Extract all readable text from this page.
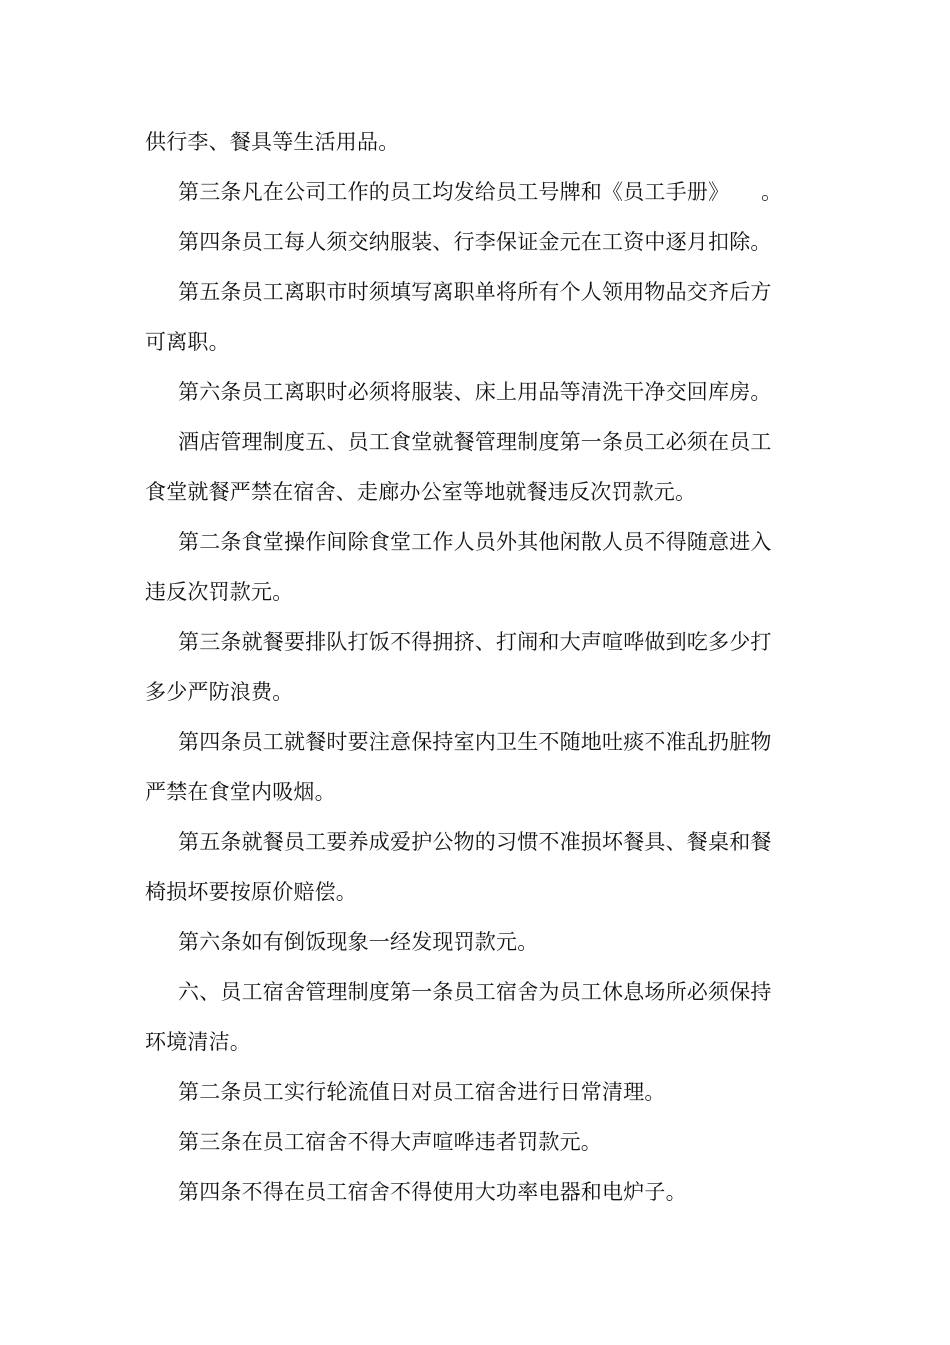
供行李、餐具等生活用品。
第三条凡在公司工作的员工均发给员工号牌和《员工手册》　　。
第四条员工每人须交纳服装、行李保证金元在工资中逐月扣除。
第五条员工离职市时须填写离职单将所有个人领用物品交齐后方
可离职。
第六条员工离职时必须将服装、床上用品等清洗干净交回库房。
酒店管理制度五、员工食堂就餐管理制度第一条员工必须在员工
食堂就餐严禁在宿舍、走廊办公室等地就餐违反次罚款元。
第二条食堂操作间除食堂工作人员外其他闲散人员不得随意进入
违反次罚款元。
第三条就餐要排队打饭不得拥挤、打闹和大声喧哗做到吃多少打
多少严防浪费。
第四条员工就餐时要注意保持室内卫生不随地吐痰不准乱扔脏物
严禁在食堂内吸烟。
第五条就餐员工要养成爱护公物的习惯不准损坏餐具、餐桌和餐
椅损坏要按原价赔偿。
第六条如有倒饭现象一经发现罚款元。
六、员工宿舍管理制度第一条员工宿舍为员工休息场所必须保持
环境清洁。
第二条员工实行轮流值日对员工宿舍进行日常清理。
第三条在员工宿舍不得大声喧哗违者罚款元。
第四条不得在员工宿舍不得使用大功率电器和电炉子。
